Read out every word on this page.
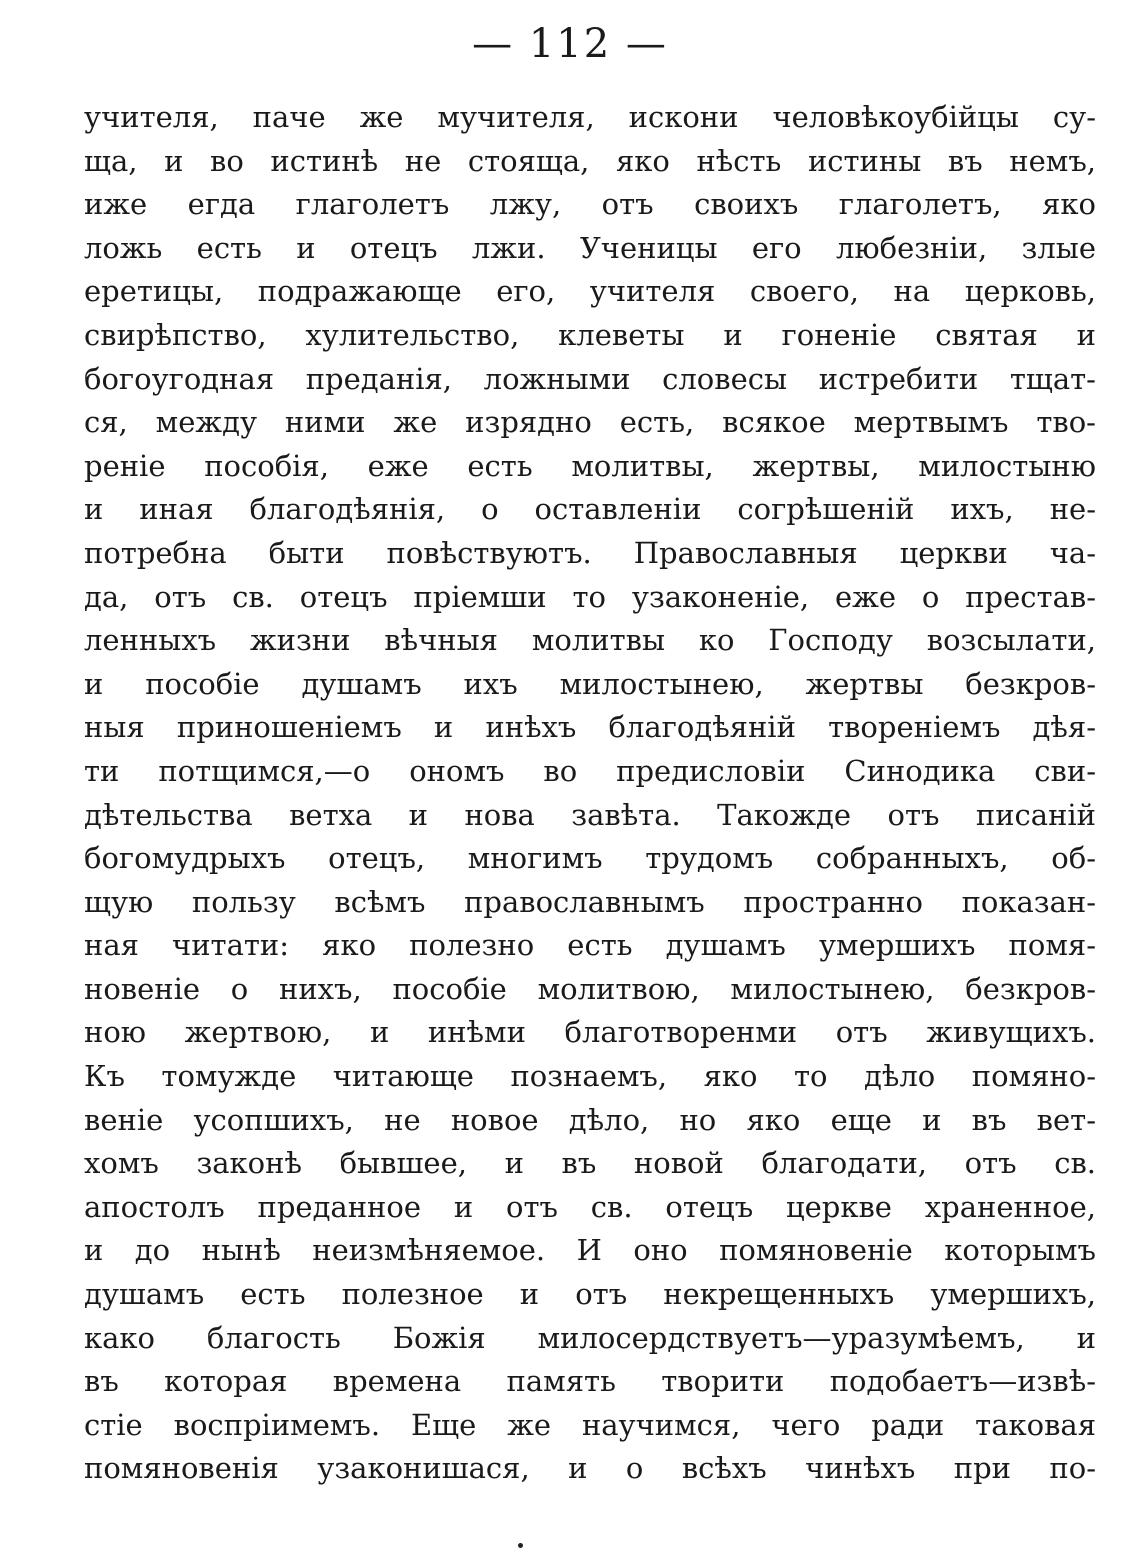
— 112 —
учителя, паче же мучителя, искони человѣкоубійцы су-
ща, и во истинѣ не стояща, яко нѣсть истины въ немъ,
иже егда глаголетъ лжу, отъ своихъ глаголетъ, яко
ложь есть и отецъ лжи. Ученицы его любезніи, злые
еретицы, подражающе его, учителя своего, на церковь,
свирѣпство, хулительство, клеветы и гоненіе святая и
богоугодная преданія, ложными словесы истребити тщат-
ся, между ними же изрядно есть, всякое мертвымъ тво-
реніе пособія, еже есть молитвы, жертвы, милостыню
и иная благодѣянія, о оставленіи согрѣшеній ихъ, не-
потребна быти повѣствуютъ. Православныя церкви ча-
да, отъ св. отецъ пріемши то узаконеніе, еже о престав-
ленныхъ жизни вѣчныя молитвы ко Господу возсылати,
и пособіе душамъ ихъ милостынею, жертвы безкров-
ныя приношеніемъ и инѣхъ благодѣяній твореніемъ дѣя-
ти потщимся,—о ономъ во предисловіи Синодика сви-
дѣтельства ветха и нова завѣта. Такожде отъ писаній
богомудрыхъ отецъ, многимъ трудомъ собранныхъ, об-
щую пользу всѣмъ православнымъ пространно показан-
ная читати: яко полезно есть душамъ умершихъ помя-
новеніе о нихъ, пособіе молитвою, милостынею, безкров-
ною жертвою, и инѣми благотворенми отъ живущихъ.
Къ томужде читающе познаемъ, яко то дѣло помяно-
веніе усопшихъ, не новое дѣло, но яко еще и въ вет-
хомъ законѣ бывшее, и въ новой благодати, отъ св.
апостолъ преданное и отъ св. отецъ церкве храненное,
и до нынѣ неизмѣняемое. И оно помяновеніе которымъ
душамъ есть полезное и отъ некрещенныхъ умершихъ,
како благость Божія милосердствуетъ—уразумѣемъ, и
въ которая времена память творити подобаетъ—извѣ-
стіе воспріимемъ. Еще же научимся, чего ради таковая
помяновенія узаконишася, и о всѣхъ чинѣхъ при по-
